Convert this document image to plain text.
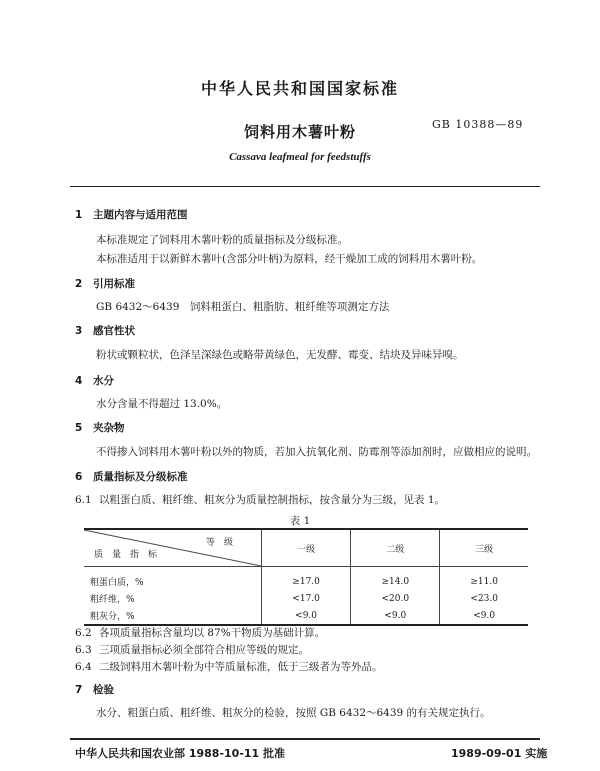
中华人民共和国国家标准
饲料用木薯叶粉	GB 10388—89
Cassava leafmeal for feedstuffs
1 主题内容与适用范围
本标准规定了饲料用木薯叶粉的质量指标及分级标准。
本标准适用于以新鲜木薯叶(含部分叶柄)为原料，经干燥加工成的饲料用木薯叶粉。
2 引用标准
GB 6432～6439　饲料粗蛋白、粗脂肪、粗纤维等项测定方法
3 感官性状
粉状或颗粒状，色泽呈深绿色或略带黄绿色，无发酵、霉变、结块及异味异嗅。
4 水分
水分含量不得超过 13.0%。
5 夹杂物
不得掺入饲料用木薯叶粉以外的物质，若加入抗氧化剂、防霉剂等添加剂时，应做相应的说明。
6 质量指标及分级标准
6.1 以粗蛋白质、粗纤维、粗灰分为质量控制指标，按含量分为三级，见表 1。
表 1
等　级
质　量　指　标	一级	二级	三级
粗蛋白质，%	≥17.0	≥14.0	≥11.0
粗纤维，%	<17.0	<20.0	<23.0
粗灰分，%	<9.0	<9.0	<9.0
6.2 各项质量指标含量均以 87%干物质为基础计算。
6.3 三项质量指标必须全部符合相应等级的规定。
6.4 二级饲料用木薯叶粉为中等质量标准，低于三级者为等外品。
7 检验
水分、粗蛋白质、粗纤维、粗灰分的检验，按照 GB 6432～6439 的有关规定执行。
中华人民共和国农业部 1988-10-11 批准	1989-09-01 实施
